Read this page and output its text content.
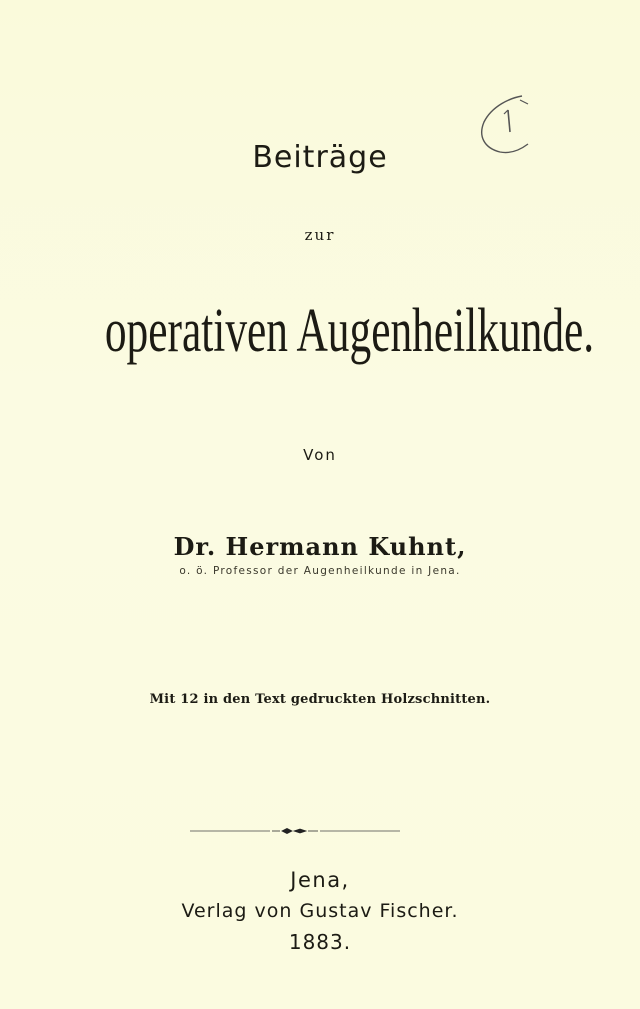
Beiträge
zur
operativen Augenheilkunde.
Von
Dr. Hermann Kuhnt,
o. ö. Professor der Augenheilkunde in Jena.
Mit 12 in den Text gedruckten Holzschnitten.
Jena,
Verlag von Gustav Fischer.
1883.
